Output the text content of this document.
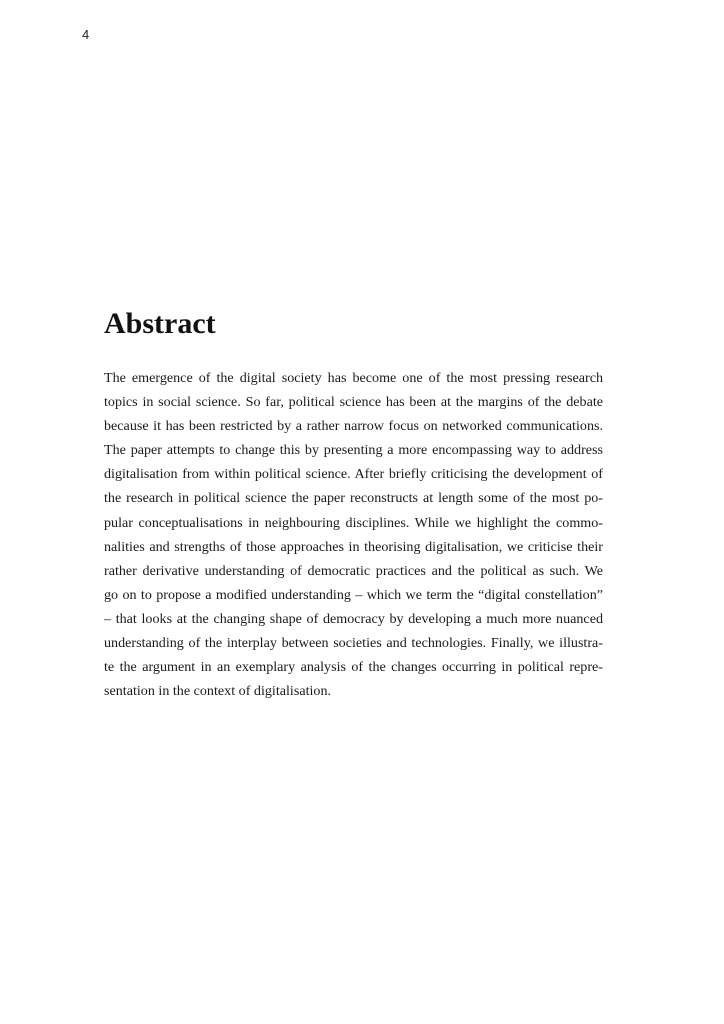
4
Abstract
The emergence of the digital society has become one of the most pressing research
topics in social science. So far, political science has been at the margins of the debate
because it has been restricted by a rather narrow focus on networked communications.
The paper attempts to change this by presenting a more encompassing way to address
digitalisation from within political science. After briefly criticising the development of
the research in political science the paper reconstructs at length some of the most po-
pular conceptualisations in neighbouring disciplines. While we highlight the commo-
nalities and strengths of those approaches in theorising digitalisation, we criticise their
rather derivative understanding of democratic practices and the political as such. We
go on to propose a modified understanding – which we term the “digital constellation”
– that looks at the changing shape of democracy by developing a much more nuanced
understanding of the interplay between societies and technologies. Finally, we illustra-
te the argument in an exemplary analysis of the changes occurring in political repre-
sentation in the context of digitalisation.
